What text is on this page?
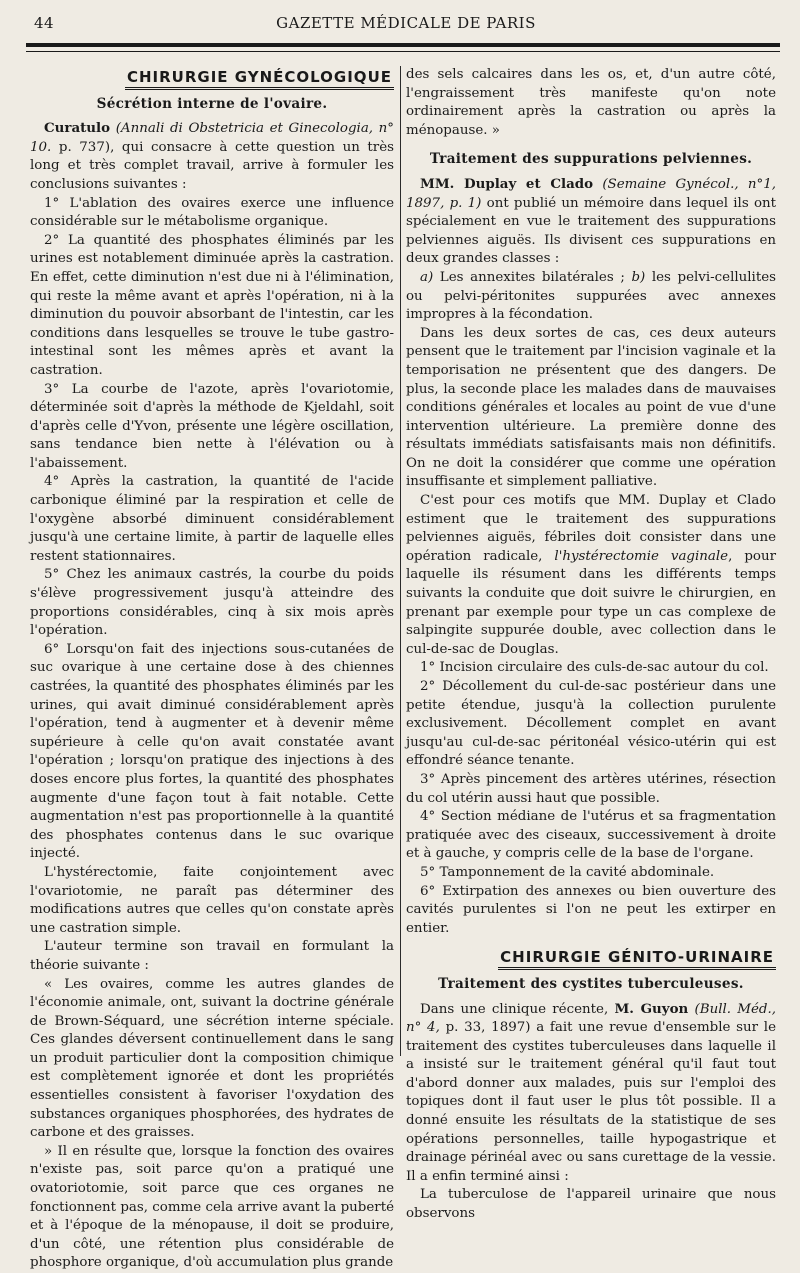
44	GAZETTE MÉDICALE DE PARIS
CHIRURGIE GYNÉCOLOGIQUE
Sécrétion interne de l'ovaire.

Curatulo (Annali di Obstetricia et Ginecologia, n° 10. p. 737), qui consacre à cette question un très long et très complet travail, arrive à formuler les conclusions suivantes :

1° L'ablation des ovaires exerce une influence considérable sur le métabolisme organique.

2° La quantité des phosphates éliminés par les urines est notablement diminuée après la castration. En effet, cette diminution n'est due ni à l'élimination, qui reste la même avant et après l'opération, ni à la diminution du pouvoir absorbant de l'intestin, car les conditions dans lesquelles se trouve le tube gastro-intestinal sont les mêmes après et avant la castration.

3° La courbe de l'azote, après l'ovariotomie, déterminée soit d'après la méthode de Kjeldahl, soit d'après celle d'Yvon, présente une légère oscillation, sans tendance bien nette à l'élévation ou à l'abaissement.

4° Après la castration, la quantité de l'acide carbonique éliminé par la respiration et celle de l'oxygène absorbé diminuent considérablement jusqu'à une certaine limite, à partir de laquelle elles restent stationnaires.

5° Chez les animaux castrés, la courbe du poids s'élève progressivement jusqu'à atteindre des proportions considérables, cinq à six mois après l'opération.

6° Lorsqu'on fait des injections sous-cutanées de suc ovarique à une certaine dose à des chiennes castrées, la quantité des phosphates éliminés par les urines, qui avait diminué considérablement après l'opération, tend à augmenter et à devenir même supérieure à celle qu'on avait constatée avant l'opération ; lorsqu'on pratique des injections à des doses encore plus fortes, la quantité des phosphates augmente d'une façon tout à fait notable. Cette augmentation n'est pas proportionnelle à la quantité des phosphates contenus dans le suc ovarique injecté.

L'hystérectomie, faite conjointement avec l'ovariotomie, ne paraît pas déterminer des modifications autres que celles qu'on constate après une castration simple.

L'auteur termine son travail en formulant la théorie suivante :

« Les ovaires, comme les autres glandes de l'économie animale, ont, suivant la doctrine générale de Brown-Séquard, une sécrétion interne spéciale. Ces glandes déversent continuellement dans le sang un produit particulier dont la composition chimique est complètement ignorée et dont les propriétés essentielles consistent à favoriser l'oxydation des substances organiques phosphorées, des hydrates de carbone et des graisses.

» Il en résulte que, lorsque la fonction des ovaires n'existe pas, soit parce qu'on a pratiqué une ovatoriotomie, soit parce que ces organes ne fonctionnent pas, comme cela arrive avant la puberté et à l'époque de la ménopause, il doit se produire, d'un côté, une rétention plus considérable de phosphore organique, d'où accumulation plus grande

des sels calcaires dans les os, et, d'un autre côté, l'engraissement très manifeste qu'on note ordinairement après la castration ou après la ménopause. »

Traitement des suppurations pelviennes.

MM. Duplay et Clado (Semaine Gynécol., n°1, 1897, p. 1) ont publié un mémoire dans lequel ils ont spécialement en vue le traitement des suppurations pelviennes aiguës. Ils divisent ces suppurations en deux grandes classes :

a) Les annexites bilatérales ; b) les pelvi-cellulites ou pelvi-péritonites suppurées avec annexes impropres à la fécondation.

Dans les deux sortes de cas, ces deux auteurs pensent que le traitement par l'incision vaginale et la temporisation ne présentent que des dangers. De plus, la seconde place les malades dans de mauvaises conditions générales et locales au point de vue d'une intervention ultérieure. La première donne des résultats immédiats satisfaisants mais non définitifs. On ne doit la considérer que comme une opération insuffisante et simplement palliative.

C'est pour ces motifs que MM. Duplay et Clado estiment que le traitement des suppurations pelviennes aiguës, fébriles doit consister dans une opération radicale, l'hystérectomie vaginale, pour laquelle ils résument dans les différents temps suivants la conduite que doit suivre le chirurgien, en prenant par exemple pour type un cas complexe de salpingite suppurée double, avec collection dans le cul-de-sac de Douglas.

1° Incision circulaire des culs-de-sac autour du col.

2° Décollement du cul-de-sac postérieur dans une petite étendue, jusqu'à la collection purulente exclusivement. Décollement complet en avant jusqu'au cul-de-sac péritonéal vésico-utérin qui est effondré séance tenante.

3° Après pincement des artères utérines, résection du col utérin aussi haut que possible.

4° Section médiane de l'utérus et sa fragmentation pratiquée avec des ciseaux, successivement à droite et à gauche, y compris celle de la base de l'organe.

5° Tamponnement de la cavité abdominale.

6° Extirpation des annexes ou bien ouverture des cavités purulentes si l'on ne peut les extirper en entier.

CHIRURGIE GÉNITO-URINAIRE
Traitement des cystites tuberculeuses.

Dans une clinique récente, M. Guyon (Bull. Méd., n° 4, p. 33, 1897) a fait une revue d'ensemble sur le traitement des cystites tuberculeuses dans laquelle il a insisté sur le traitement général qu'il faut tout d'abord donner aux malades, puis sur l'emploi des topiques dont il faut user le plus tôt possible. Il a donné ensuite les résultats de la statistique de ses opérations personnelles, taille hypogastrique et drainage périnéal avec ou sans curettage de la vessie. Il a enfin terminé ainsi :

La tuberculose de l'appareil urinaire que nous observons
